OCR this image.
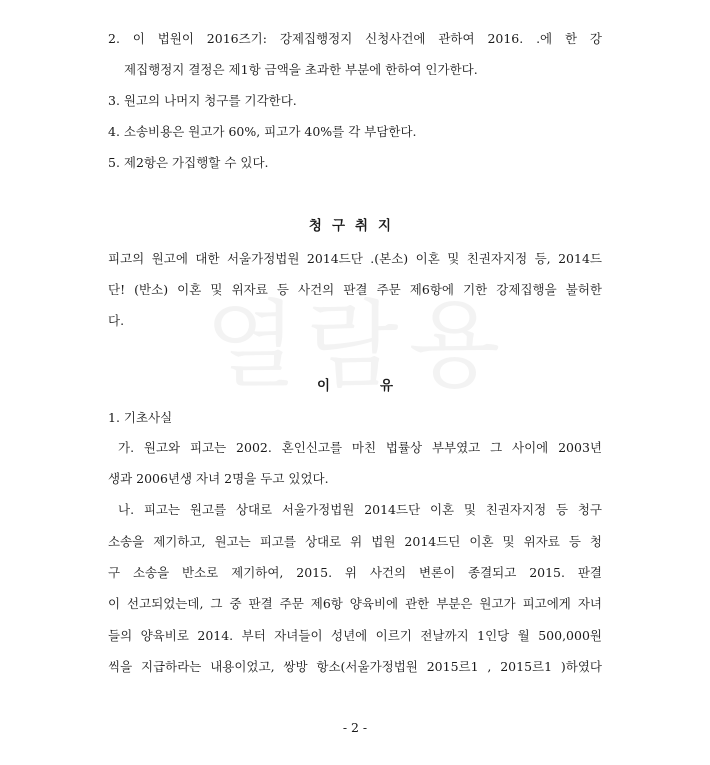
2. 이 법원이 2016즈기: 강제집행정지 신청사건에 관하여 2016. .에 한 강
제집행정지 결정은 제1항 금액을 초과한 부분에 한하여 인가한다.
3. 원고의 나머지 청구를 기각한다.
4. 소송비용은 원고가 60%, 피고가 40%를 각 부담한다.
5. 제2항은 가집행할 수 있다.
청구취지
피고의 원고에 대한 서울가정법원 2014드단 .(본소) 이혼 및 친권자지정 등, 2014드
단! (반소) 이혼 및 위자료 등 사건의 판결 주문 제6항에 기한 강제집행을 불허한
다.
이유
1. 기초사실
가. 원고와 피고는 2002. 혼인신고를 마친 법률상 부부였고 그 사이에 2003년
생과 2006년생 자녀 2명을 두고 있었다.
나. 피고는 원고를 상대로 서울가정법원 2014드단 이혼 및 친권자지정 등 청구
소송을 제기하고, 원고는 피고를 상대로 위 법원 2014드딘 이혼 및 위자료 등 청
구 소송을 반소로 제기하여, 2015. 위 사건의 변론이 종결되고 2015. 판결
이 선고되었는데, 그 중 판결 주문 제6항 양육비에 관한 부분은 원고가 피고에게 자녀
들의 양육비로 2014. 부터 자녀들이 성년에 이르기 전날까지 1인당 월 500,000원
씩을 지급하라는 내용이었고, 쌍방 항소(서울가정법원 2015르1 , 2015르1 )하였다
- 2 -
